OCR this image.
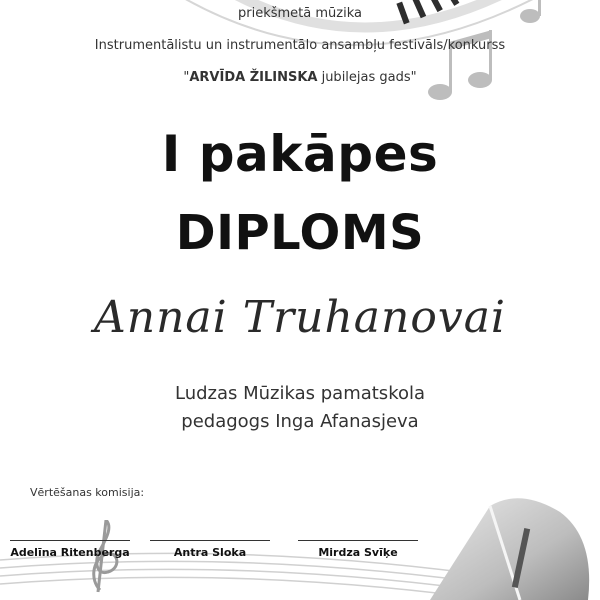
priekšmetā mūzika
Instrumentālistu un instrumentālo ansambļu festivāls/konkurss
"ARVĪDA ŽILINSKA jubilejas gads"
I pakāpes
DIPLOMS
Annai Truhanovai
Ludzas Mūzikas pamatskola
pedagogs Inga Afanasjeva
Vērtēšanas komisija:
Adelīna Ritenberga	Antra Sloka	Mirdza Svīķe
